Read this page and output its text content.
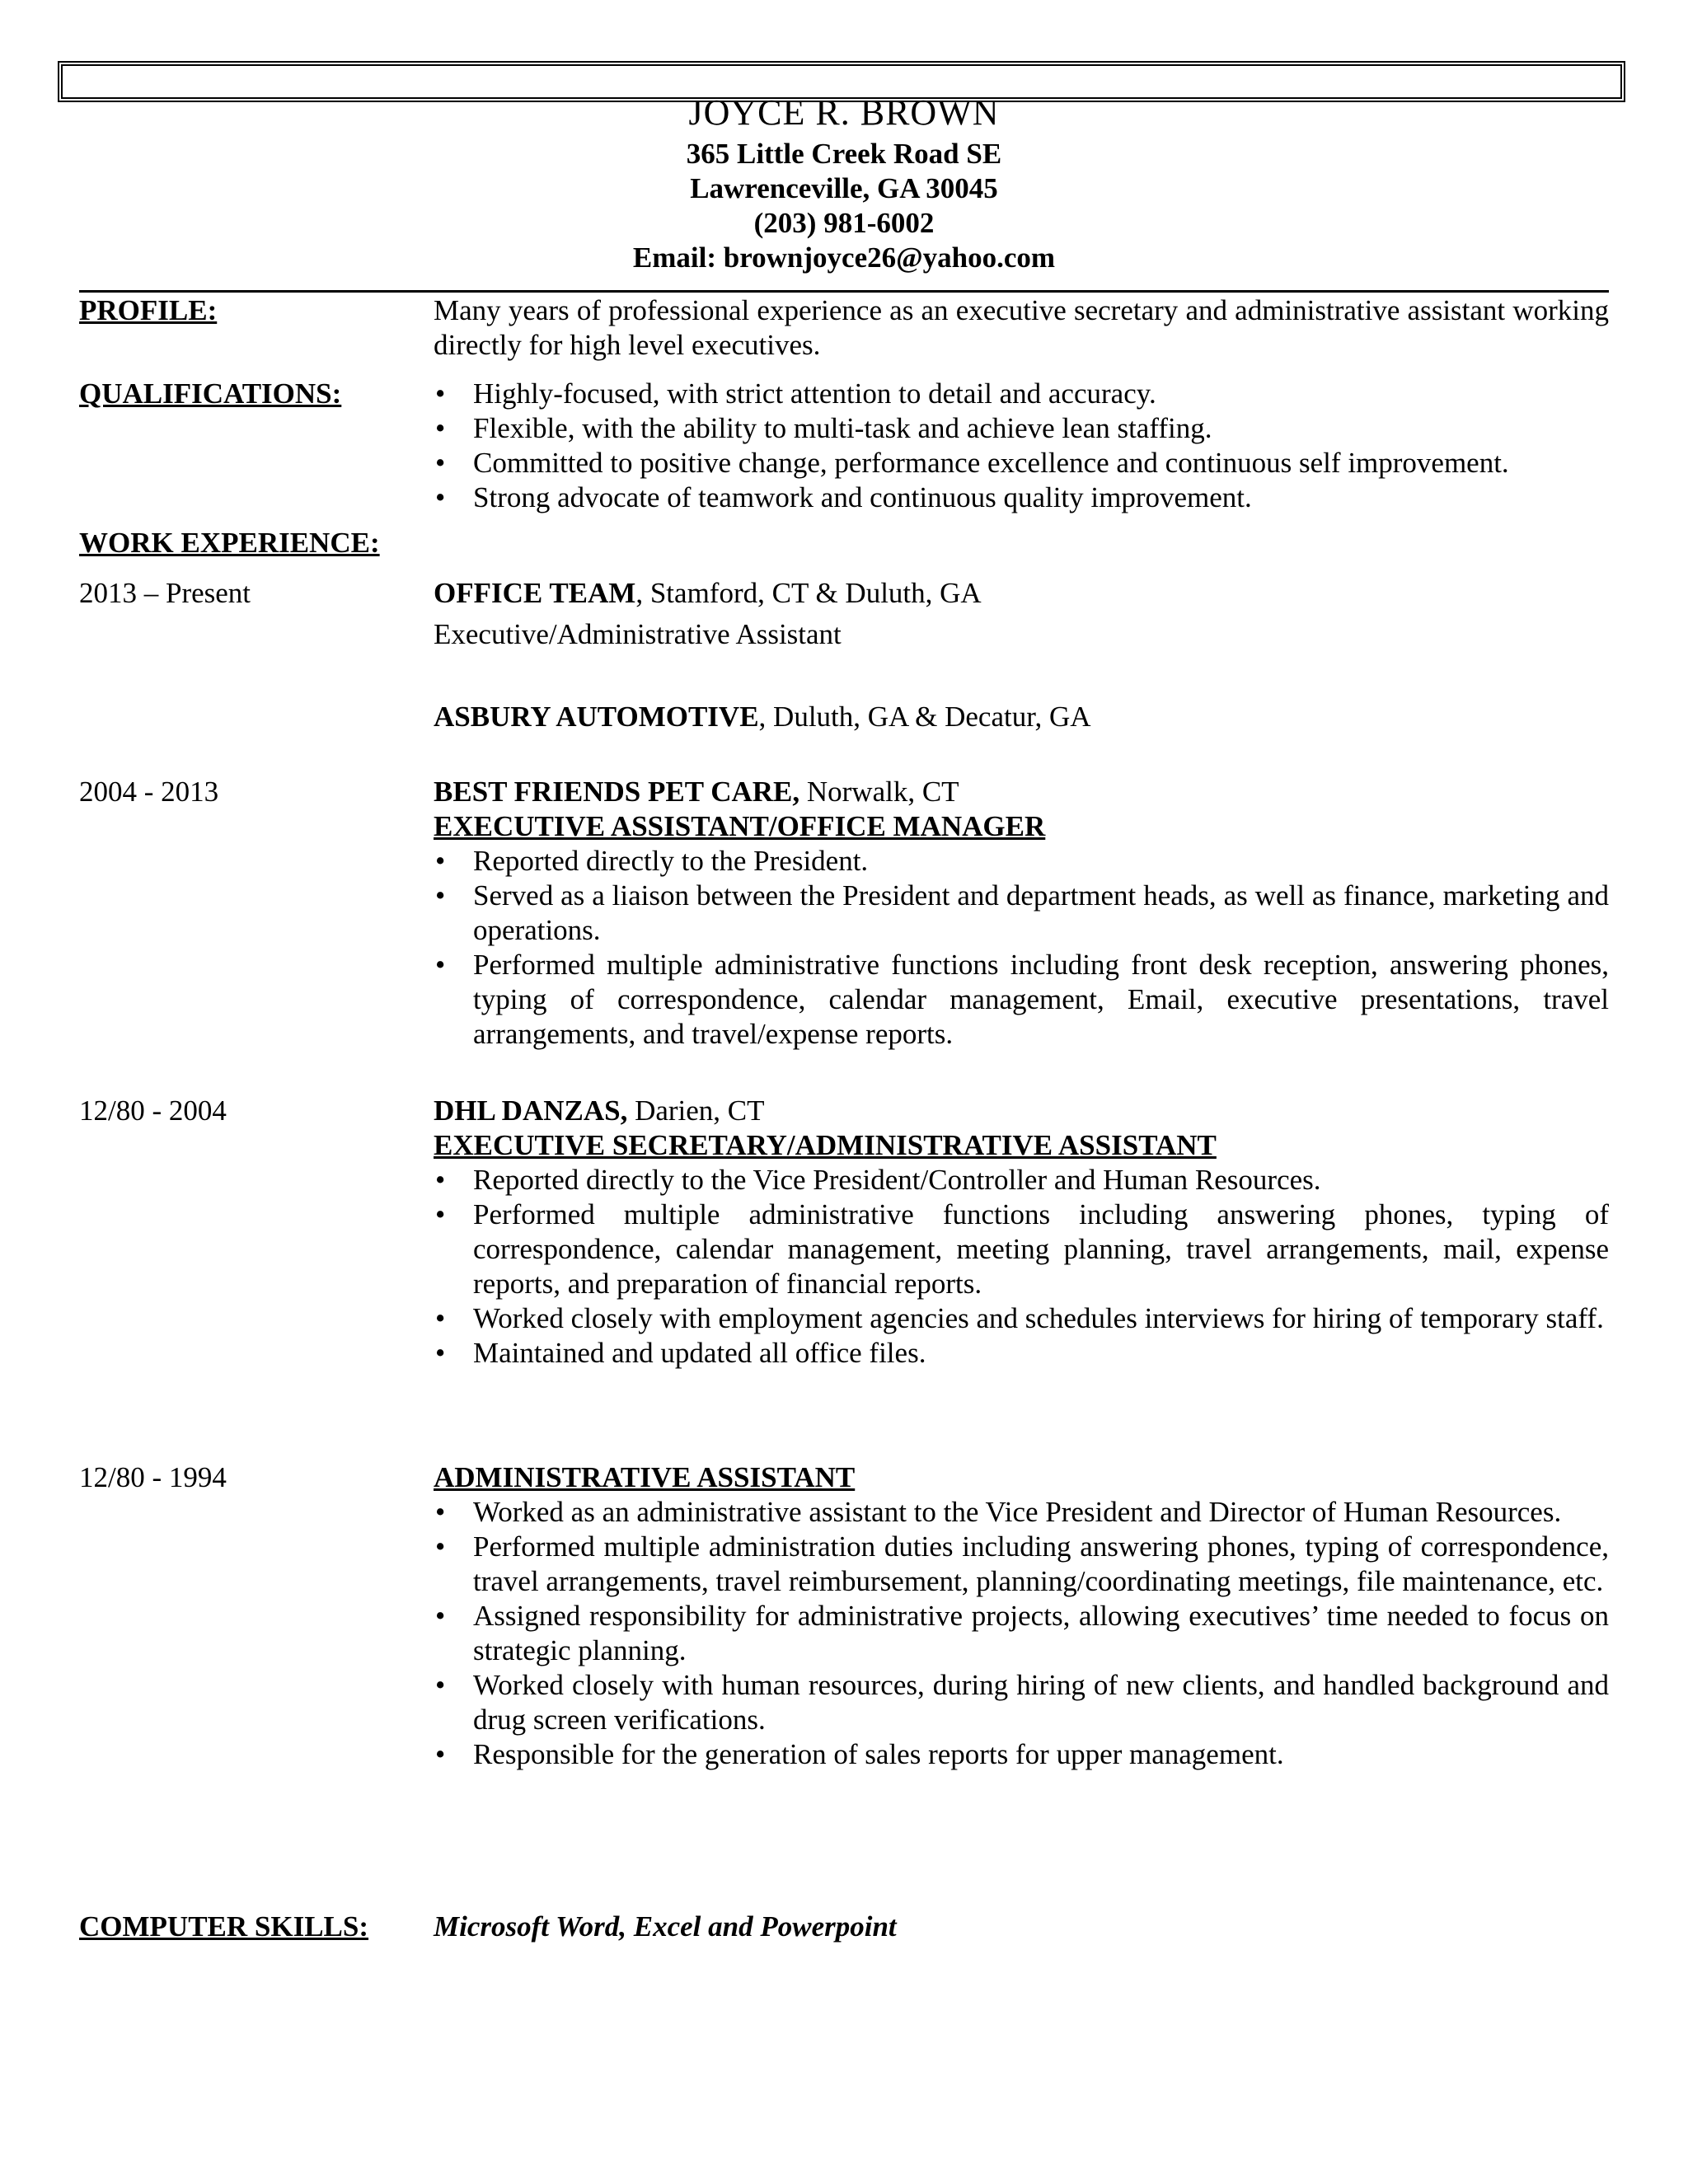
JOYCE R. BROWN
365 Little Creek Road SE
Lawrenceville, GA 30045
(203) 981-6002
Email: brownjoyce26@yahoo.com
PROFILE:	Many years of professional experience as an executive secretary and administrative assistant working directly for high level executives.
QUALIFICATIONS:
•	Highly-focused, with strict attention to detail and accuracy.
• Flexible, with the ability to multi-task and achieve lean staffing.
• Committed to positive change, performance excellence and continuous self improvement.
• Strong advocate of teamwork and continuous quality improvement.
WORK EXPERIENCE:
2013 – Present	OFFICE TEAM, Stamford, CT & Duluth, GA
Executive/Administrative Assistant
ASBURY AUTOMOTIVE, Duluth, GA & Decatur, GA
2004 - 2013	BEST FRIENDS PET CARE, Norwalk, CT
EXECUTIVE ASSISTANT/OFFICE MANAGER
• Reported directly to the President.
• Served as a liaison between the President and department heads, as well as finance, marketing and operations.
• Performed multiple administrative functions including front desk reception, answering phones, typing of correspondence, calendar management, Email, executive presentations, travel arrangements, and travel/expense reports.
12/80 - 2004	DHL DANZAS, Darien, CT
EXECUTIVE SECRETARY/ADMINISTRATIVE ASSISTANT
• Reported directly to the Vice President/Controller and Human Resources.
• Performed multiple administrative functions including answering phones, typing of correspondence, calendar management, meeting planning, travel arrangements, mail, expense reports, and preparation of financial reports.
• Worked closely with employment agencies and schedules interviews for hiring of temporary staff.
• Maintained and updated all office files.
12/80 - 1994	ADMINISTRATIVE ASSISTANT
• Worked as an administrative assistant to the Vice President and Director of Human Resources.
• Performed multiple administration duties including answering phones, typing of correspondence, travel arrangements, travel reimbursement, planning/coordinating meetings, file maintenance, etc.
• Assigned responsibility for administrative projects, allowing executives’ time needed to focus on strategic planning.
• Worked closely with human resources, during hiring of new clients, and handled background and drug screen verifications.
• Responsible for the generation of sales reports for upper management.
COMPUTER SKILLS:	Microsoft Word, Excel and Powerpoint
